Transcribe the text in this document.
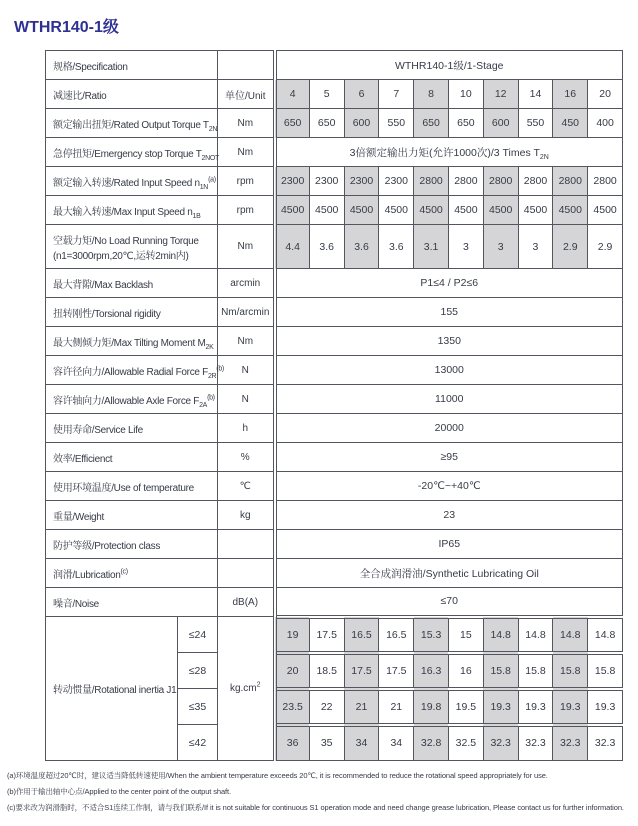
WTHR140-1级
规格/Specification			WTHR140-1级/1-Stage									
减速比/Ratio		单位/Unit	4	5	6	7	8	10	12	14	16	20
额定输出扭矩/Rated Output Torque $T_{2N}$		Nm	650	650	600	550	650	650	600	550	450	400
急停扭矩/Emergency stop Torque $T_{2NOT}$		Nm	3倍额定输出力矩(允许1000次)/3 Times $T_{2N}$
额定输入转速/Rated Input Speed $n_{1N}^{(a)}$		rpm	2300	2300	2300	2300	2800	2800	2800	2800	2800	2800
最大输入转速/Max Input Speed $n_{1B}$		rpm	4500	4500	4500	4500	4500	4500	4500	4500	4500	4500

空载力矩/No Load Running Torque
(n1=3000rpm,20℃,运转2min内)		Nm	4.4	3.6	3.6	3.6	3.1	3	3	3	2.9	2.9
最大背隙/Max Backlash		arcmin	P1≤4 / P2≤6									
扭转刚性/Torsional rigidity		Nm/arcmin	155									
最大侧倾力矩/Max Tilting Moment $M_{2K}$		Nm	1350									
容许径向力/Allowable Radial Force $F_{2R}^{(b)}$		N	13000									
容许轴向力/Allowable Axle Force $F_{2A}^{(b)}$		N	11000									
使用寿命/Service Life		h	20000									
效率/Efficienct		%	≥95									
使用环境温度/Use of temperature		℃	-20℃~+40℃									
重量/Weight		kg	23									
防护等级/Protection class			IP65									
润滑/Lubrication$^{(c)}$			全合成润滑油/Synthetic Lubricating Oil									
噪音/Noise		dB(A)	≤70									
转动惯量/Rotational inertia J1	≤24	$kg.cm^2$	19	17.5	16.5	16.5	15.3	15	14.8	14.8	14.8	14.8
	≤28		20	18.5	17.5	17.5	16.3	16	15.8	15.8	15.8	15.8
	≤35		23.5	22	21	21	19.8	19.5	19.3	19.3	19.3	19.3
	≤42		36	35	34	34	32.8	32.5	32.3	32.3	32.3	32.3
(a)环境温度超过20℃时，建议适当降低转速使用/When the ambient temperature exceeds 20℃, it is recommended to reduce the rotational speed appropriately for use.
(b)作用于输出轴中心点/Applied to the center point of the output shaft.
(c)要求改为润滑脂时，不适合S1连续工作制，请与我们联系/If it is not suitable for continuous S1 operation mode and need change grease lubrication, Please contact us for further information.
